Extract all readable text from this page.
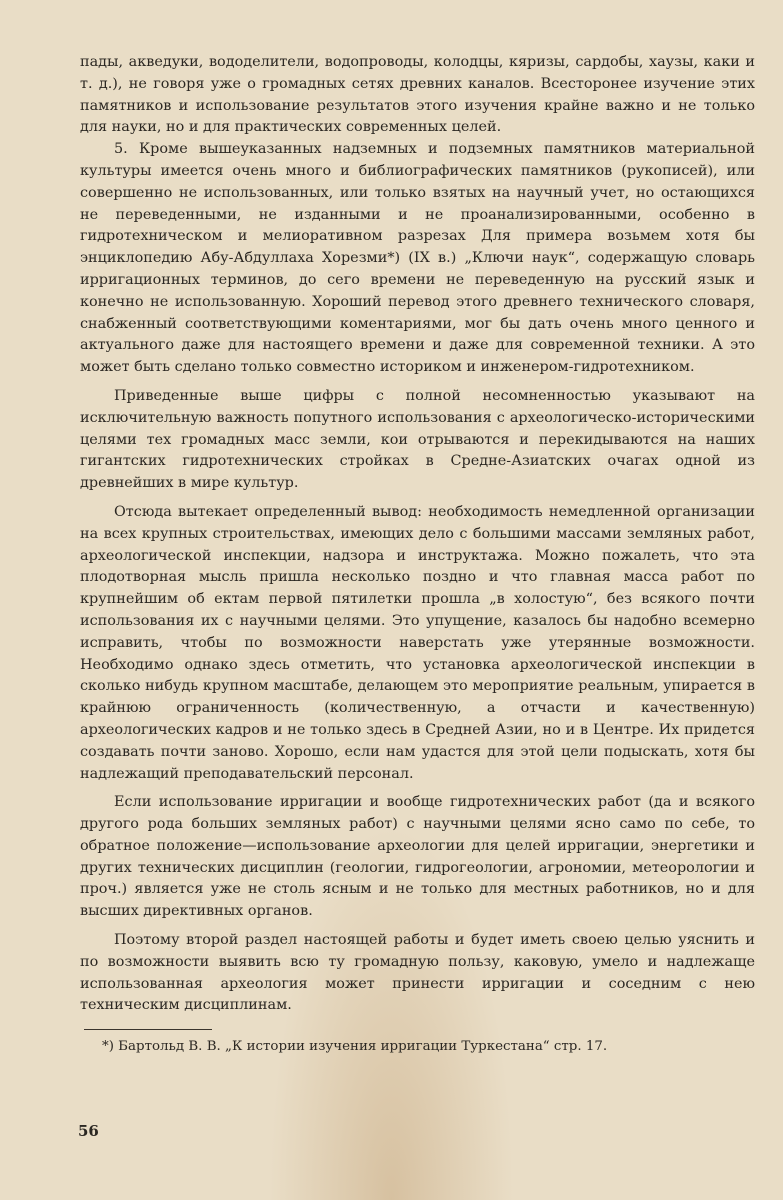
пады, акведуки, вододелители, водопроводы, колодцы, кяризы, сардобы, хаузы, каки и т. д.), не говоря уже о громадных сетях древних каналов. Всесторонее изучение этих памятников и использование результатов этого изучения крайне важно и не только для науки, но и для практических современных целей.

5. Кроме вышеуказанных надземных и подземных памятников материальной культуры имеется очень много и библиографических памятников (рукописей), или совершенно не использованных, или только взятых на научный учет, но остающихся не переведенными, не изданными и не проанализированными, особенно в гидротехническом и мелиоративном разрезах Для примера возьмем хотя бы энциклопедию Абу-Абдуллаха Хорезми*) (IX в.) „Ключи наук“, содержащую словарь ирригационных терминов, до сего времени не переведенную на русский язык и конечно не использованную. Хороший перевод этого древнего технического словаря, снабженный соответствующими коментариями, мог бы дать очень много ценного и актуального даже для настоящего времени и даже для современной техники. А это может быть сделано только совместно историком и инженером-гидротехником.

Приведенные выше цифры с полной несомненностью указывают на исключительную важность попутного использования с археологическо-историческими целями тех громадных масс земли, кои отрываются и перекидываются на наших гигантских гидротехнических стройках в Средне-Азиатских очагах одной из древнейших в мире культур.

Отсюда вытекает определенный вывод: необходимость немедленной организации на всех крупных строительствах, имеющих дело с большими массами земляных работ, археологической инспекции, надзора и инструктажа. Можно пожалеть, что эта плодотворная мысль пришла несколько поздно и что главная масса работ по крупнейшим об ектам первой пятилетки прошла „в холостую“, без всякого почти использования их с научными целями. Это упущение, казалось бы надобно всемерно исправить, чтобы по возможности наверстать уже утерянные возможности. Необходимо однако здесь отметить, что установка археологической инспекции в сколько нибудь крупном масштабе, делающем это мероприятие реальным, упирается в крайнюю ограниченность (количественную, а отчасти и качественную) археологических кадров и не только здесь в Средней Азии, но и в Центре. Их придется создавать почти заново. Хорошо, если нам удастся для этой цели подыскать, хотя бы надлежащий преподавательский персонал.

Если использование ирригации и вообще гидротехнических работ (да и всякого другого рода больших земляных работ) с научными целями ясно само по себе, то обратное положение—использование археологии для целей ирригации, энергетики и других технических дисциплин (геологии, гидрогеологии, агрономии, метеорологии и проч.) является уже не столь ясным и не только для местных работников, но и для высших директивных органов.

Поэтому второй раздел настоящей работы и будет иметь своею целью уяснить и по возможности выявить всю ту громадную пользу, каковую, умело и надлежаще использованная археология может принести ирригации и соседним с нею техническим дисциплинам.

*) Бартольд В. В. „К истории изучения ирригации Туркестана“ стр. 17.

56
